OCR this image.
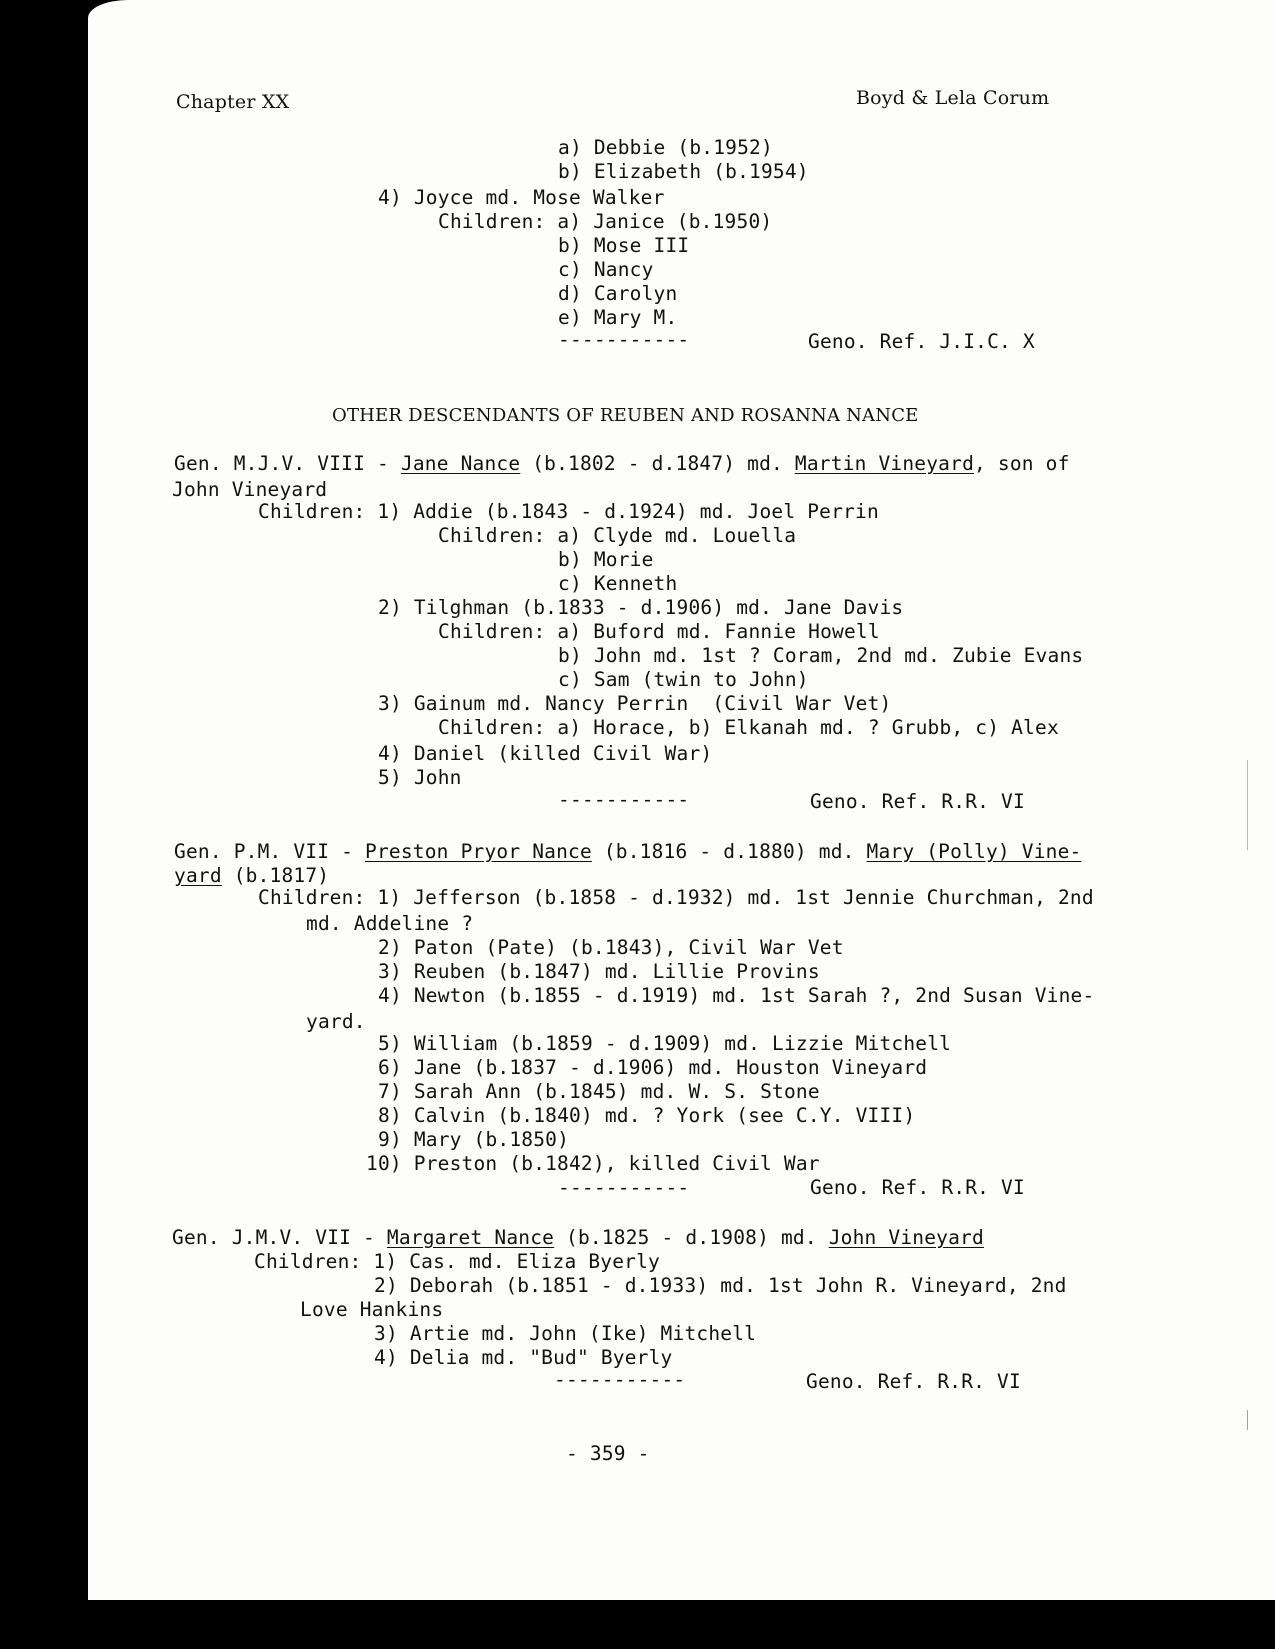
Chapter XX	Boyd & Lela Corum
a) Debbie (b.1952)
b) Elizabeth (b.1954)
4) Joyce md. Mose Walker
Children: a) Janice (b.1950)
b) Mose III
c) Nancy
d) Carolyn
e) Mary M.
-----------	Geno. Ref. J.I.C. X
OTHER DESCENDANTS OF REUBEN AND ROSANNA NANCE
Gen. M.J.V. VIII - Jane Nance (b.1802 - d.1847) md. Martin Vineyard, son of
John Vineyard
Children: 1) Addie (b.1843 - d.1924) md. Joel Perrin
Children: a) Clyde md. Louella
b) Morie
c) Kenneth
2) Tilghman (b.1833 - d.1906) md. Jane Davis
Children: a) Buford md. Fannie Howell
b) John md. 1st ? Coram, 2nd md. Zubie Evans
c) Sam (twin to John)
3) Gainum md. Nancy Perrin  (Civil War Vet)
Children: a) Horace, b) Elkanah md. ? Grubb, c) Alex
4) Daniel (killed Civil War)
5) John
-----------	Geno. Ref. R.R. VI
Gen. P.M. VII - Preston Pryor Nance (b.1816 - d.1880) md. Mary (Polly) Vine-
yard (b.1817)
Children: 1) Jefferson (b.1858 - d.1932) md. 1st Jennie Churchman, 2nd
md. Addeline ?
2) Paton (Pate) (b.1843), Civil War Vet
3) Reuben (b.1847) md. Lillie Provins
4) Newton (b.1855 - d.1919) md. 1st Sarah ?, 2nd Susan Vine-
yard.
5) William (b.1859 - d.1909) md. Lizzie Mitchell
6) Jane (b.1837 - d.1906) md. Houston Vineyard
7) Sarah Ann (b.1845) md. W. S. Stone
8) Calvin (b.1840) md. ? York (see C.Y. VIII)
9) Mary (b.1850)
10) Preston (b.1842), killed Civil War
-----------	Geno. Ref. R.R. VI
Gen. J.M.V. VII - Margaret Nance (b.1825 - d.1908) md. John Vineyard
Children: 1) Cas. md. Eliza Byerly
2) Deborah (b.1851 - d.1933) md. 1st John R. Vineyard, 2nd
Love Hankins
3) Artie md. John (Ike) Mitchell
4) Delia md. "Bud" Byerly
-----------	Geno. Ref. R.R. VI
- 359 -
